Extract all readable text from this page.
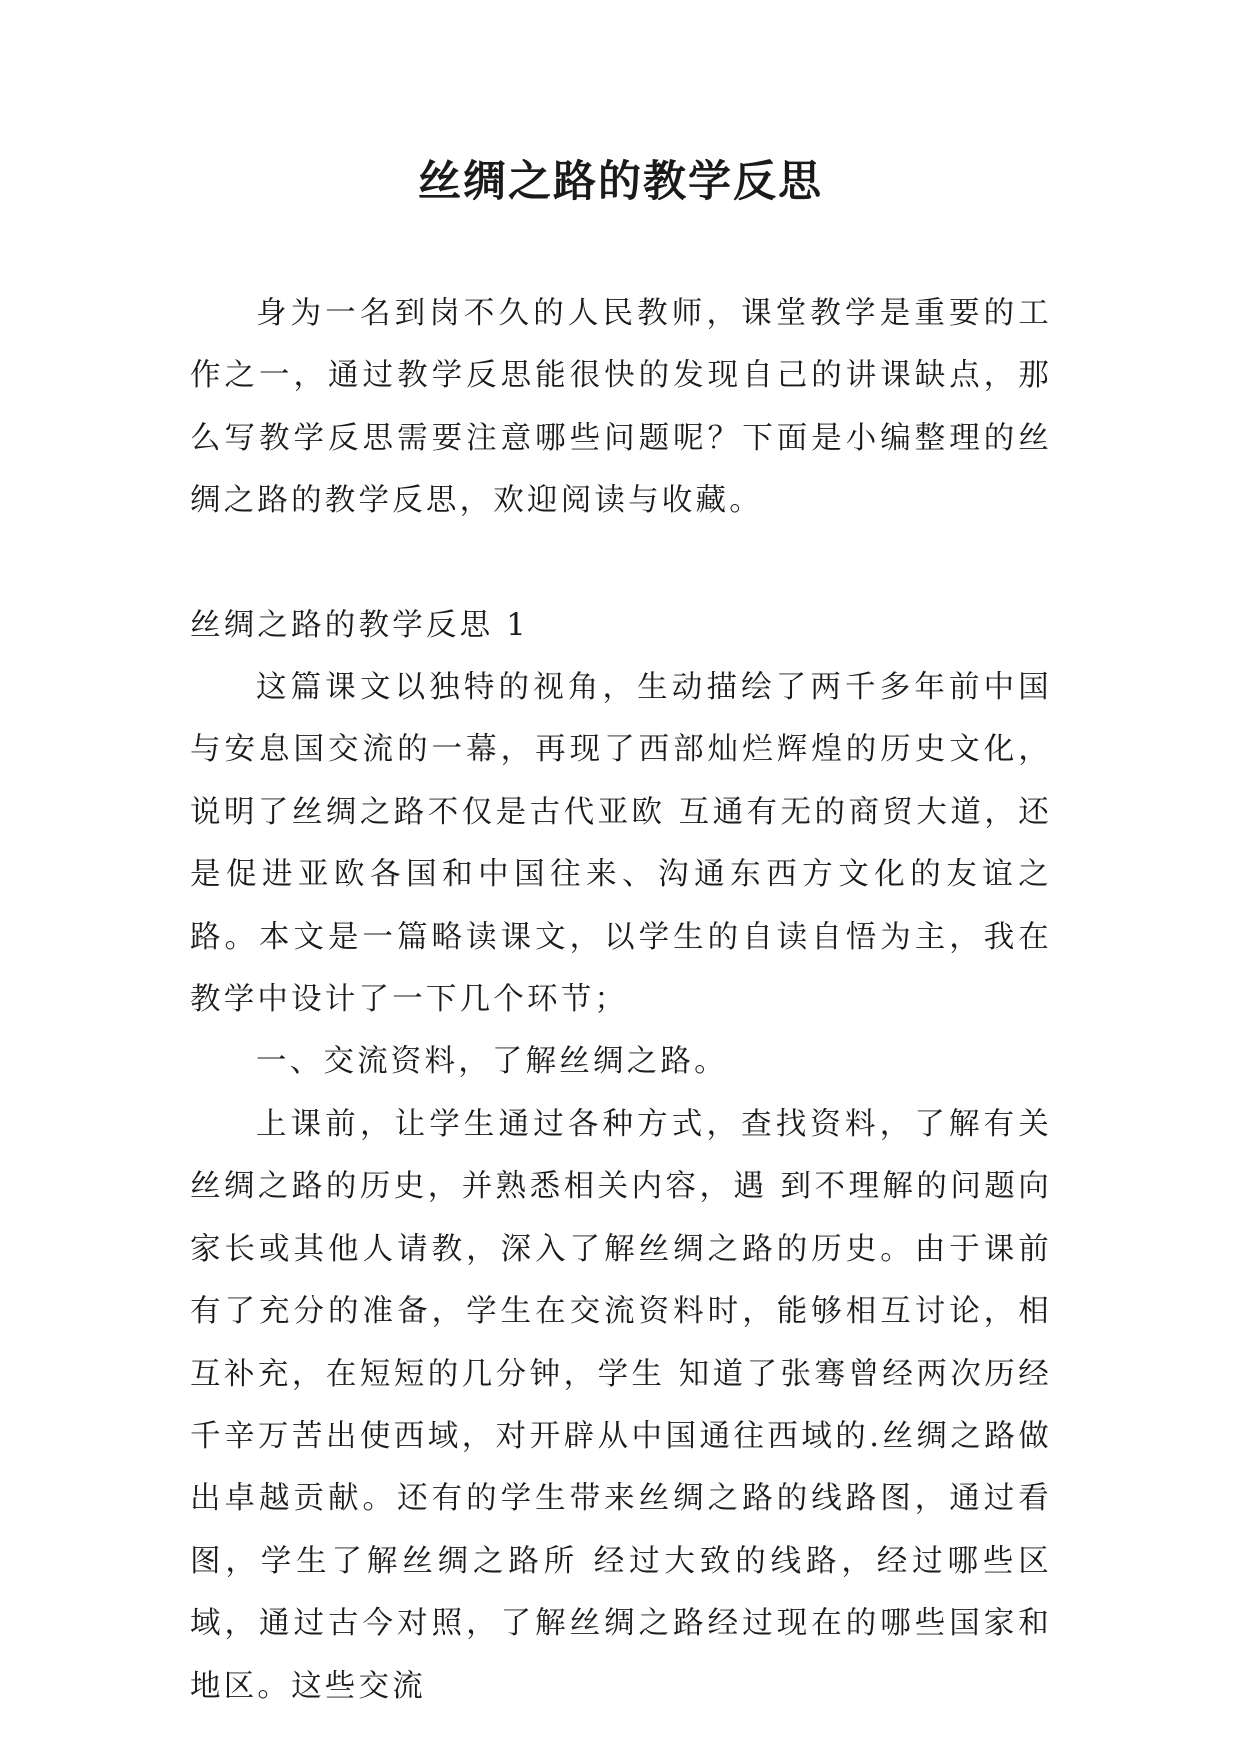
丝绸之路的教学反思

身为一名到岗不久的人民教师，课堂教学是重要的工作之一，通过教学反思能很快的发现自己的讲课缺点，那么写教学反思需要注意哪些问题呢？下面是小编整理的丝绸之路的教学反思，欢迎阅读与收藏。

丝绸之路的教学反思 1

这篇课文以独特的视角，生动描绘了两千多年前中国与安息国交流的一幕，再现了西部灿烂辉煌的历史文化，说明了丝绸之路不仅是古代亚欧 互通有无的商贸大道，还是促进亚欧各国和中国往来、沟通东西方文化的友谊之路。本文是一篇略读课文，以学生的自读自悟为主，我在教学中设计了一下几个环节；

一、交流资料，了解丝绸之路。

上课前，让学生通过各种方式，查找资料，了解有关丝绸之路的历史，并熟悉相关内容，遇 到不理解的问题向家长或其他人请教，深入了解丝绸之路的历史。由于课前有了充分的准备，学生在交流资料时，能够相互讨论，相互补充，在短短的几分钟，学生 知道了张骞曾经两次历经千辛万苦出使西域，对开辟从中国通往西域的.丝绸之路做出卓越贡献。还有的学生带来丝绸之路的线路图，通过看图，学生了解丝绸之路所 经过大致的线路，经过哪些区域，通过古今对照，了解丝绸之路经过现在的哪些国家和地区。这些交流
